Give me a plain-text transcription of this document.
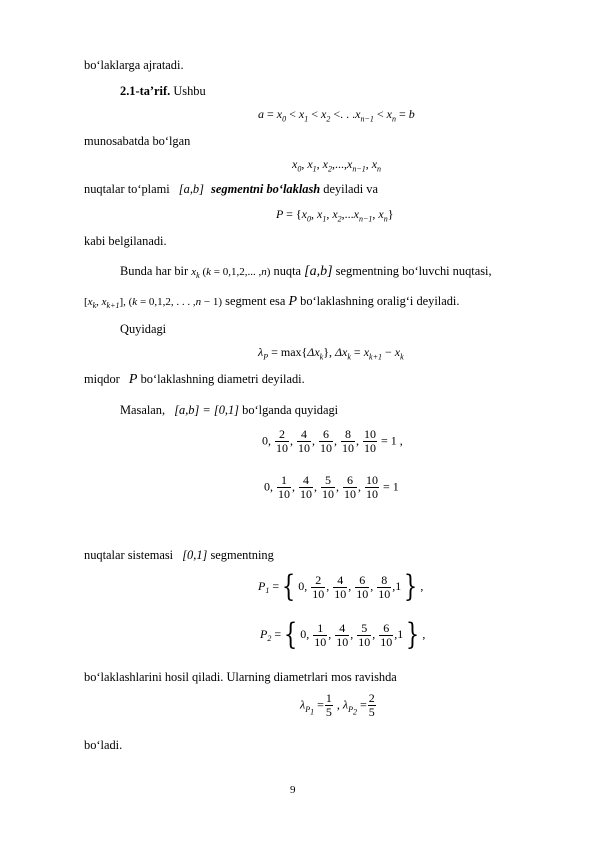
bo‘laklarga ajratadi.
2.1-ta’rif. Ushbu
$a = x_0 < x_1 < x_2$ <. . $.x_{n-1} < x_n = b$
munosabatda bo‘lgan
$x_0$, $x_1$, $x_2,...,x_{n-1}$, $x_n$
nuqtalar to‘plami [a,b] segmentni bo‘laklash deyiladi va
$P = \{x_0$, $x_1$, $x_2,...x_{n-1}$, $x_n$}
kabi belgilanadi.
Bunda har bir $x_k$ (k = 0,1,2,... ,n) nuqta [a,b] segmentning bo‘luvchi nuqtasi,
[$x_k$, $x_{k+1}$], (k = 0,1,2, . . . ,n − 1) segment esa P bo‘laklashning oralig‘i deyiladi.
Quyidagi
$\lambda_P = \max\{\Delta x_k\}$, $\Delta x_k = x_{k+1} - x_k$
miqdor P bo‘laklashning diametri deyiladi.
Masalan, [a,b] = [0,1] bo‘lganda quyidagi
0, $\frac{2}{10}$ , $\frac{4}{10}$ , $\frac{6}{10}$ , $\frac{8}{10}$ , $\frac{10}{10} = 1$ ,
0, $\frac{1}{10}$ , $\frac{4}{10}$ , $\frac{5}{10}$ , $\frac{6}{10}$ , $\frac{10}{10} = 1$
nuqtalar sistemasi [0,1] segmentning
$P_1$ ={ 0, $\frac{2}{10}$ , $\frac{4}{10}$ , $\frac{6}{10}$ , $\frac{8}{10} ,1$} ,
$P_2$ ={ 0, $\frac{1}{10}$ , $\frac{4}{10}$ , $\frac{5}{10}$ , $\frac{6}{10} ,1$} ,
bo‘laklashlarini hosil qiladi. Ularning diametrlari mos ravishda
$\lambda_{P_1} = \frac{1}{5}$ , $\lambda_{P_2} = \frac{2}{5}$
bo‘ladi.
9
